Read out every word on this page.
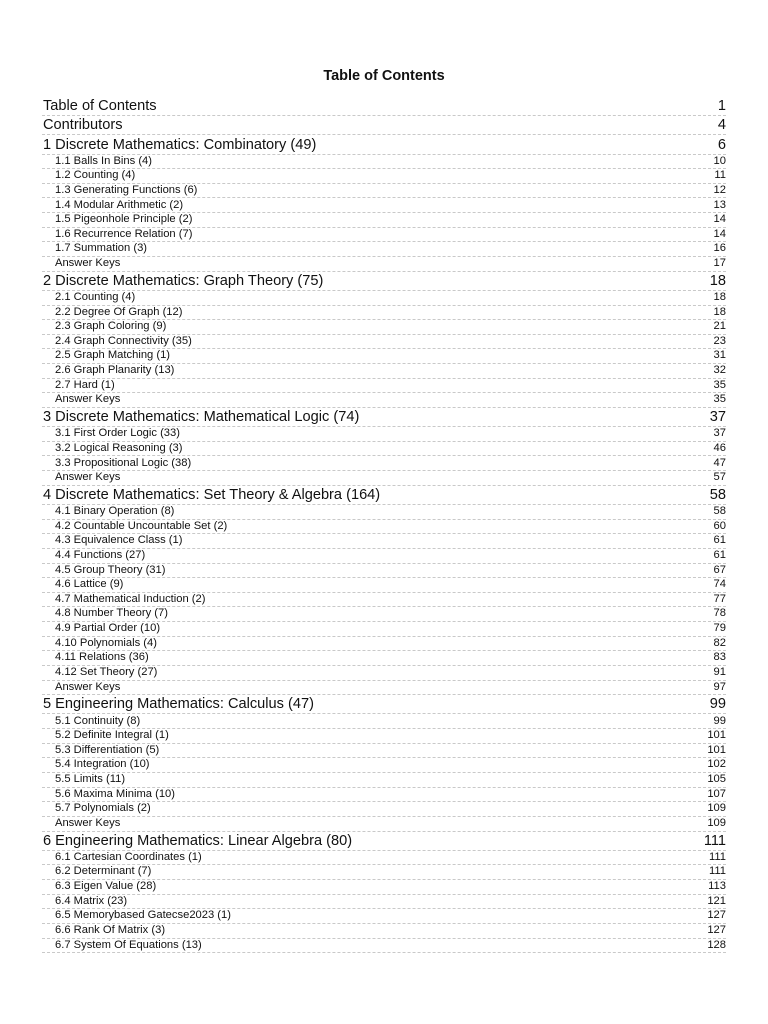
Table of Contents
Table of Contents	1
Contributors	4
1 Discrete Mathematics: Combinatory (49)	6
1.1 Balls In Bins (4)	10
1.2 Counting (4)	11
1.3 Generating Functions (6)	12
1.4 Modular Arithmetic (2)	13
1.5 Pigeonhole Principle (2)	14
1.6 Recurrence Relation (7)	14
1.7 Summation (3)	16
Answer Keys	17
2 Discrete Mathematics: Graph Theory (75)	18
2.1 Counting (4)	18
2.2 Degree Of Graph (12)	18
2.3 Graph Coloring (9)	21
2.4 Graph Connectivity (35)	23
2.5 Graph Matching (1)	31
2.6 Graph Planarity (13)	32
2.7 Hard (1)	35
Answer Keys	35
3 Discrete Mathematics: Mathematical Logic (74)	37
3.1 First Order Logic (33)	37
3.2 Logical Reasoning (3)	46
3.3 Propositional Logic (38)	47
Answer Keys	57
4 Discrete Mathematics: Set Theory & Algebra (164)	58
4.1 Binary Operation (8)	58
4.2 Countable Uncountable Set (2)	60
4.3 Equivalence Class (1)	61
4.4 Functions (27)	61
4.5 Group Theory (31)	67
4.6 Lattice (9)	74
4.7 Mathematical Induction (2)	77
4.8 Number Theory (7)	78
4.9 Partial Order (10)	79
4.10 Polynomials (4)	82
4.11 Relations (36)	83
4.12 Set Theory (27)	91
Answer Keys	97
5 Engineering Mathematics: Calculus (47)	99
5.1 Continuity (8)	99
5.2 Definite Integral (1)	101
5.3 Differentiation (5)	101
5.4 Integration (10)	102
5.5 Limits (11)	105
5.6 Maxima Minima (10)	107
5.7 Polynomials (2)	109
Answer Keys	109
6 Engineering Mathematics: Linear Algebra (80)	111
6.1 Cartesian Coordinates (1)	111
6.2 Determinant (7)	111
6.3 Eigen Value (28)	113
6.4 Matrix (23)	121
6.5 Memorybased Gatecse2023 (1)	127
6.6 Rank Of Matrix (3)	127
6.7 System Of Equations (13)	128
